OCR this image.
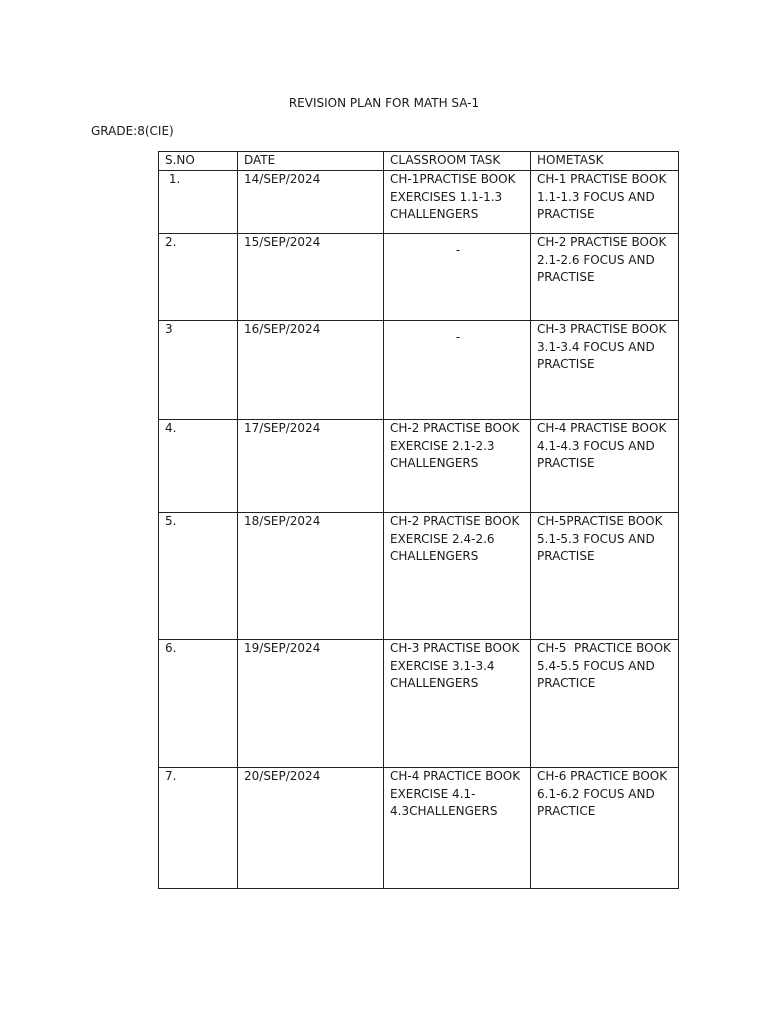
REVISION PLAN FOR MATH SA-1
GRADE:8(CIE)
S.NO	DATE	CLASSROOM TASK	HOMETASK
1.	14/SEP/2024	CH-1PRACTISE BOOK EXERCISES 1.1-1.3 CHALLENGERS	CH-1 PRACTISE BOOK 1.1-1.3 FOCUS AND PRACTISE
2.	15/SEP/2024	-	CH-2 PRACTISE BOOK 2.1-2.6 FOCUS AND PRACTISE
3	16/SEP/2024	-	CH-3 PRACTISE BOOK 3.1-3.4 FOCUS AND PRACTISE
4.	17/SEP/2024	CH-2 PRACTISE BOOK EXERCISE 2.1-2.3 CHALLENGERS	CH-4 PRACTISE BOOK 4.1-4.3 FOCUS AND PRACTISE
5.	18/SEP/2024	CH-2 PRACTISE BOOK EXERCISE 2.4-2.6 CHALLENGERS	CH-5PRACTISE BOOK 5.1-5.3 FOCUS AND PRACTISE
6.	19/SEP/2024	CH-3 PRACTISE BOOK EXERCISE 3.1-3.4 CHALLENGERS	CH-5  PRACTICE BOOK 5.4-5.5 FOCUS AND PRACTICE
7.	20/SEP/2024	CH-4 PRACTICE BOOK EXERCISE 4.1-4.3CHALLENGERS	CH-6 PRACTICE BOOK 6.1-6.2 FOCUS AND PRACTICE
